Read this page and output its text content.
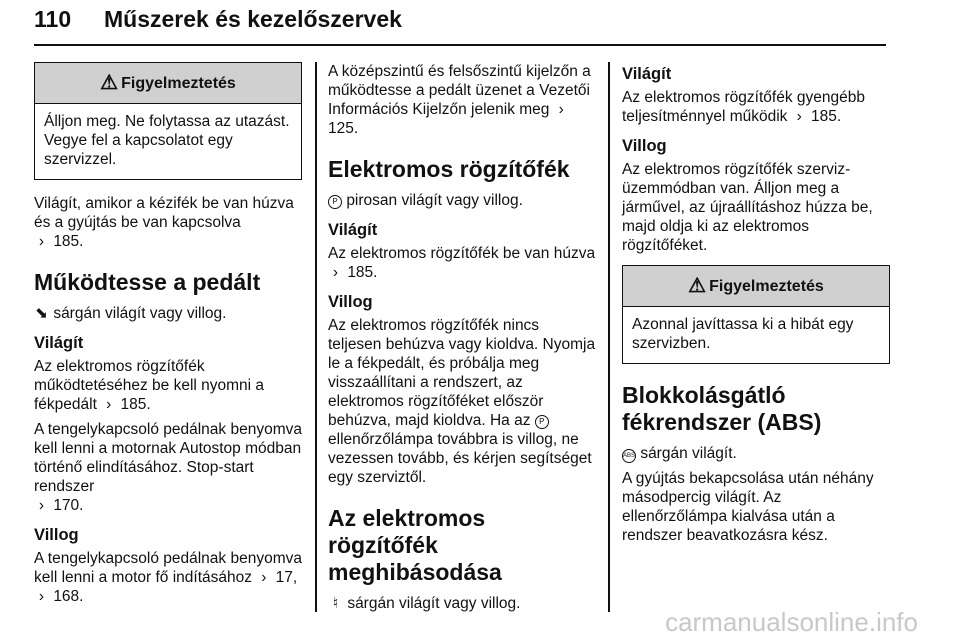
110 Műszerek és kezelőszervek
⚠ Figyelmeztetés
Álljon meg. Ne folytassa az utazást. Vegye fel a kapcsolatot egy szervizzel.

Világít, amikor a kézifék be van húzva és a gyújtás be van kapcsolva
› 185.

Működtesse a pedált

⬊ sárgán világít vagy villog.

Világít

Az elektromos rögzítőfék működtetéséhez be kell nyomni a fékpedált › 185.

A tengelykapcsoló pedálnak benyomva kell lenni a motornak Autostop módban történő elindításához. Stop-start rendszer
› 170.

Villog

A tengelykapcsoló pedálnak benyomva kell lenni a motor fő indításához › 17, › 168.

A középszintű és felsőszintű kijelzőn a működtesse a pedált üzenet a Vezetői Információs Kijelzőn jelenik meg › 125.

Elektromos rögzítőfék

P pirosan világít vagy villog.

Világít

Az elektromos rögzítőfék be van húzva › 185.

Villog

Az elektromos rögzítőfék nincs teljesen behúzva vagy kioldva. Nyomja le a fékpedált, és próbálja meg visszaállítani a rendszert, az elektromos rögzítőféket először behúzva, majd kioldva. Ha az P ellenőrzőlámpa továbbra is villog, ne vezessen tovább, és kérjen segítséget egy szerviztől.

Az elektromos rögzítőfék meghibásodása

♮ sárgán világít vagy villog.

Világít

Az elektromos rögzítőfék gyengébb teljesítménnyel működik › 185.

Villog

Az elektromos rögzítőfék szerviz-üzemmódban van. Álljon meg a járművel, az újraállításhoz húzza be, majd oldja ki az elektromos rögzítőféket.

⚠ Figyelmeztetés
Azonnal javíttassa ki a hibát egy szervizben.
Blokkolásgátló fékrendszer (ABS)

ABS sárgán világít.

A gyújtás bekapcsolása után néhány másodpercig világít. Az ellenőrzőlámpa kialvása után a rendszer beavatkozásra kész.

carmanualsonline.info
